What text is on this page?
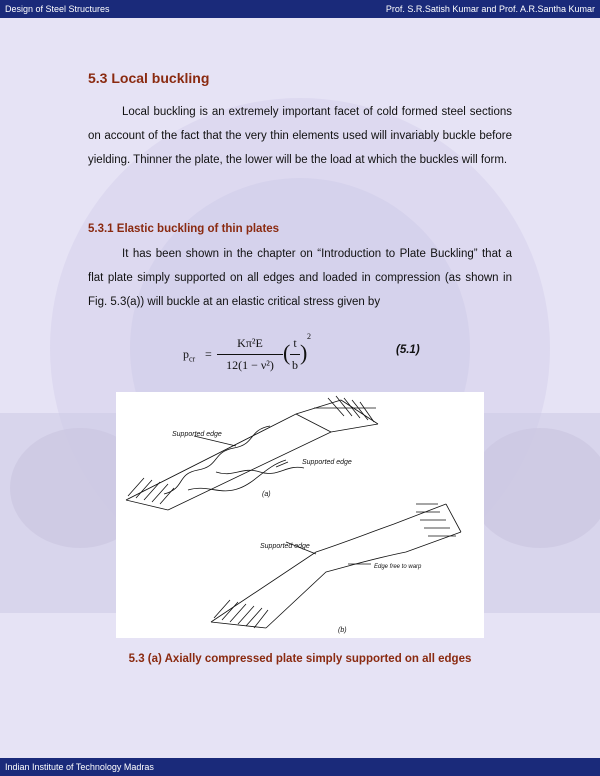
Design of Steel Structures	Prof. S.R.Satish Kumar and Prof. A.R.Santha Kumar
5.3 Local buckling

Local buckling is an extremely important facet of cold formed steel sections on account of the fact that the very thin elements used will invariably buckle before yielding. Thinner the plate, the lower will be the load at which the buckles will form.

5.3.1 Elastic buckling of thin plates

It has been shown in the chapter on “Introduction to Plate Buckling” that a flat plate simply supported on all edges and loaded in compression (as shown in Fig. 5.3(a)) will buckle at an elastic critical stress given by

$p_{cr}$ =
Kπ²E
12(1 − ν²) ( t
b )
2
(5.1)
Supported edge
Supported edge
(a)
Supported edge
Edge free to warp
(b)
5.3 (a) Axially compressed plate simply supported on all edges
Indian Institute of Technology Madras
